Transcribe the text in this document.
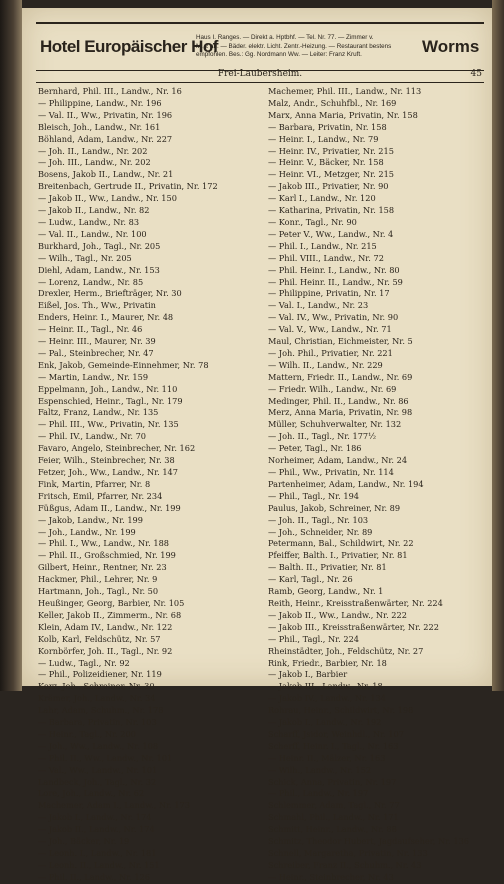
Hotel Europäischer Hof
Haus I. Ranges. — Direkt a. Hptbhf. — Tel. Nr. 77. — Zimmer v.
M. 2 an. — Bäder. elektr. Licht. Zentr.-Heizung. — Restaurant bestens
empfohlen. Bes.: Gg. Nordmann Ww. — Leiter: Franz Kruft.	Worms
Frei-Laubersheim.	45
Bernhard, Phil. III., Landw., Nr. 16
— Philippine, Landw., Nr. 196
— Val. II., Ww., Privatin, Nr. 196
Bleisch, Joh., Landw., Nr. 161
Böhland, Adam, Landw., Nr. 227
— Joh. II., Landw., Nr. 202
— Joh. III., Landw., Nr. 202
Bosens, Jakob II., Landw., Nr. 21
Breitenbach, Gertrude II., Privatin, Nr. 172
— Jakob II., Ww., Landw., Nr. 150
— Jakob II., Landw., Nr. 82
— Ludw., Landw., Nr. 83
— Val. II., Landw., Nr. 100
Burkhard, Joh., Tagl., Nr. 205
— Wilh., Tagl., Nr. 205
Diehl, Adam, Landw., Nr. 153
— Lorenz, Landw., Nr. 85
Drexler, Herm., Briefträger, Nr. 30
Eißel, Jos. Th., Ww., Privatin
Enders, Heinr. I., Maurer, Nr. 48
— Heinr. II., Tagl., Nr. 46
— Heinr. III., Maurer, Nr. 39
— Pal., Steinbrecher, Nr. 47
Enk, Jakob, Gemeinde-Einnehmer, Nr. 78
— Martin, Landw., Nr. 159
Eppelmann, Joh., Landw., Nr. 110
Espenschied, Heinr., Tagl., Nr. 179
Faltz, Franz, Landw., Nr. 135
— Phil. III., Ww., Privatin, Nr. 135
— Phil. IV., Landw., Nr. 70
Favaro, Angelo, Steinbrecher, Nr. 162
Feier, Wilh., Steinbrecher, Nr. 38
Fetzer, Joh., Ww., Landw., Nr. 147
Fink, Martin, Pfarrer, Nr. 8
Fritsch, Emil, Pfarrer, Nr. 234
Füßgus, Adam II., Landw., Nr. 199
— Jakob, Landw., Nr. 199
— Joh., Landw., Nr. 199
— Phil. I., Ww., Landw., Nr. 188
— Phil. II., Großschmied, Nr. 199
Gilbert, Heinr., Rentner, Nr. 23
Hackmer, Phil., Lehrer, Nr. 9
Hartmann, Joh., Tagl., Nr. 50
Heußinger, Georg, Barbier, Nr. 105
Keller, Jakob II., Zimmerm., Nr. 68
Klein, Adam IV., Landw., Nr. 122
Kolb, Karl, Feldschütz, Nr. 57
Kornbörfer, Joh. II., Tagl., Nr. 92
— Ludw., Tagl., Nr. 92
— Phil., Polizeidiener, Nr. 119
Korz, Joh., Schreiner, Nr. 30
Krämer, Joh., Landw., Nr. 34
Lahr, Adam, Schuhm., Nr. 178
— Barbara, Privatin, Nr. 103
— Heinr., Tagl., Nr. 200
— Joh., Ww., Landw., Nr. 108
— Phil. II., Ww., Landw., Nr. 101
— Val., Ww., Landw., Nr. 101
Landbeck, Joh., Tagl., Nr. 32
Lore, Joh., Landw., Nr. 62
Machemer, Adam I., Landw., Nr. 173
— Jakob I., Landw., Nr. 174
— Jakob II., Landw., Nr. 174
— Joh., Bäcker, Nr. 19
— Leonh. I., Landw., Nr. 181
— Leonh. II., Landw., Nr. 151
— Phil. II., Landw., Nr. 126
Machemer, Phil. III., Landw., Nr. 113
Malz, Andr., Schuhfbl., Nr. 169
Marx, Anna Maria, Privatin, Nr. 158
— Barbara, Privatin, Nr. 158
— Heinr. I., Landw., Nr. 79
— Heinr. IV., Privatier, Nr. 215
— Heinr. V., Bäcker, Nr. 158
— Heinr. VI., Metzger, Nr. 215
— Jakob III., Privatier, Nr. 90
— Karl I., Landw., Nr. 120
— Katharina, Privatin, Nr. 158
— Konr., Tagl., Nr. 90
— Peter V., Ww., Landw., Nr. 4
— Phil. I., Landw., Nr. 215
— Phil. VIII., Landw., Nr. 72
— Phil. Heinr. I., Landw., Nr. 80
— Phil. Heinr. II., Landw., Nr. 59
— Philippine, Privatin, Nr. 17
— Val. I., Landw., Nr. 23
— Val. IV., Ww., Privatin, Nr. 90
— Val. V., Ww., Landw., Nr. 71
Maul, Christian, Eichmeister, Nr. 5
— Joh. Phil., Privatier, Nr. 221
— Wilh. II., Landw., Nr. 229
Mattern, Friedr. II., Landw., Nr. 69
— Friedr. Wilh., Landw., Nr. 69
Medinger, Phil. II., Landw., Nr. 86
Merz, Anna Maria, Privatin, Nr. 98
Müller, Schuhverwalter, Nr. 132
— Joh. II., Tagl., Nr. 177½
— Peter, Tagl., Nr. 186
Norheimer, Adam, Landw., Nr. 24
— Phil., Ww., Privatin, Nr. 114
Partenheimer, Adam, Landw., Nr. 194
— Phil., Tagl., Nr. 194
Paulus, Jakob, Schreiner, Nr. 89
— Joh. II., Tagl., Nr. 103
— Joh., Schneider, Nr. 89
Petermann, Bal., Schildwirt, Nr. 22
Pfeiffer, Balth. I., Privatier, Nr. 81
— Balth. II., Privatier, Nr. 81
— Karl, Tagl., Nr. 26
Ramb, Georg, Landw., Nr. 1
Reith, Heinr., Kreisstraßenwärter, Nr. 224
— Jakob II., Ww., Landw., Nr. 222
— Jakob III., Kreisstraßenwärter, Nr. 222
— Phil., Tagl., Nr. 224
Rheinstädter, Joh., Feldschütz, Nr. 27
Rink, Friedr., Barbier, Nr. 18
— Jakob I., Barbier
— Jakob III., Landw., Nr. 18
— Jakob IV., Landw., Nr. 134
Rohrau, Heinr., Schildwirt, Nr. 198
— Jakob I., Landw., Nr. 192
Scharff, Jsidor, Weinhdl., Nr. 107
Scherff, Heinr. I., Tagl., Nr. 163
— Heinr. II., Mälzer, Nr. 163
— Wilh., Landw., Nr. 152
Schick, Anna, Privatin, Nr. 197
— Phil., Landw., Nr. 197
Schlemmer, Adam, Tagl., Nr. 77
Schmahl, Phil., Landw., Nr. 171
Schmitt, Heinr., Landw., Nr. 88
Schmitz, Theodor Hubert, Jagdaufseher, Nr. 136
Schnell, Margaretha, Privatin, Nr. 133
Schreiber, Franz II., Schuhm., Nr. 43
— Heinr., Steinbrecher, Nr. 43
